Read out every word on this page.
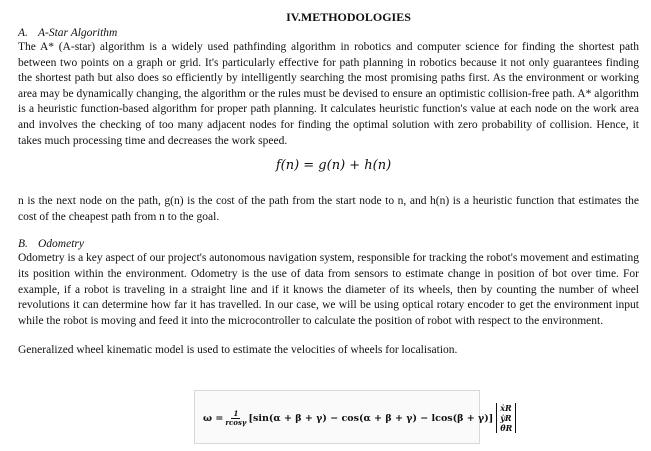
IV.METHODOLOGIES
A. A-Star Algorithm

The A* (A-star) algorithm is a widely used pathfinding algorithm in robotics and computer science for finding the shortest path between two points on a graph or grid. It's particularly effective for path planning in robotics because it not only guarantees finding the shortest path but also does so efficiently by intelligently searching the most promising paths first. As the environment or working area may be dynamically changing, the algorithm or the rules must be devised to ensure an optimistic collision-free path. A* algorithm is a heuristic function-based algorithm for proper path planning. It calculates heuristic function's value at each node on the work area and involves the checking of too many adjacent nodes for finding the optimal solution with zero probability of collision. Hence, it takes much processing time and decreases the work speed.

f(n) = g(n) + h(n)

n is the next node on the path, g(n) is the cost of the path from the start node to n, and h(n) is a heuristic function that estimates the cost of the cheapest path from n to the goal.

B. Odometry

Odometry is a key aspect of our project's autonomous navigation system, responsible for tracking the robot's movement and estimating its position within the environment. Odometry is the use of data from sensors to estimate change in position of bot over time. For example, if a robot is traveling in a straight line and if it knows the diameter of its wheels, then by counting the number of wheel revolutions it can determine how far it has travelled. In our case, we will be using optical rotary encoder to get the environment input while the robot is moving and feed it into the microcontroller to calculate the position of robot with respect to the environment.

Generalized wheel kinematic model is used to estimate the velocities of wheels for localisation.

$\omega = \frac{1}{rcos\gamma} [\sin(\alpha + \beta + \gamma) - \cos(\alpha + \beta + \gamma) - lcos(\beta + \gamma)]$
ẋR
ẏR
θ̇R
